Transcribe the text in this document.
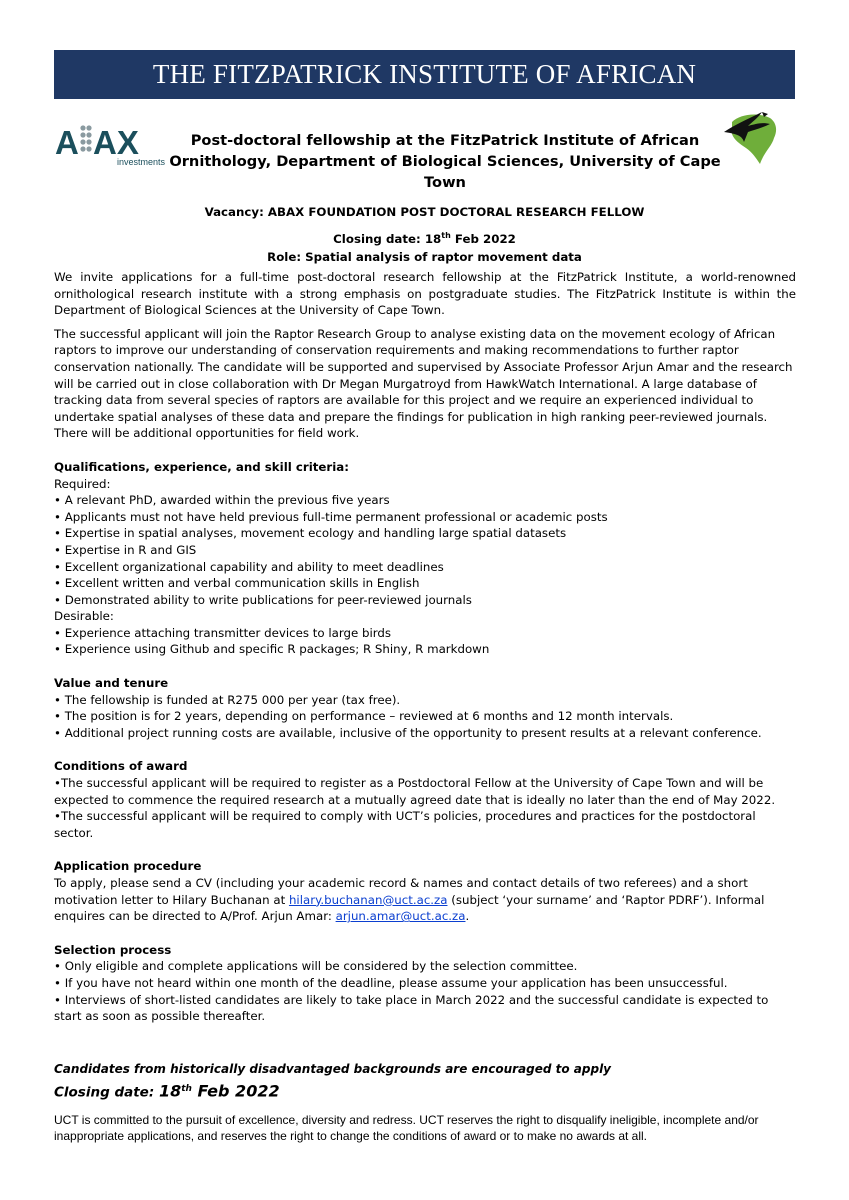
THE FITZPATRICK INSTITUTE OF AFRICAN ORNITHOLOGY
A AX
investments
Post-doctoral fellowship at the FitzPatrick Institute of African
Ornithology, Department of Biological Sciences, University of Cape Town
Vacancy: ABAX FOUNDATION POST DOCTORAL RESEARCH FELLOW
Closing date: 18th Feb 2022
Role: Spatial analysis of raptor movement data

We invite applications for a full-time post-doctoral research fellowship at the FitzPatrick Institute, a world-renowned ornithological research institute with a strong emphasis on postgraduate studies. The FitzPatrick Institute is within the Department of Biological Sciences at the University of Cape Town.

The successful applicant will join the Raptor Research Group to analyse existing data on the movement ecology of African raptors to improve our understanding of conservation requirements and making recommendations to further raptor conservation nationally. The candidate will be supported and supervised by Associate Professor Arjun Amar and the research will be carried out in close collaboration with Dr Megan Murgatroyd from HawkWatch International. A large database of tracking data from several species of raptors are available for this project and we require an experienced individual to undertake spatial analyses of these data and prepare the findings for publication in high ranking peer-reviewed journals. There will be additional opportunities for field work.

Qualifications, experience, and skill criteria:

Required:

• A relevant PhD, awarded within the previous five years

• Applicants must not have held previous full-time permanent professional or academic posts

• Expertise in spatial analyses, movement ecology and handling large spatial datasets

• Expertise in R and GIS

• Excellent organizational capability and ability to meet deadlines

• Excellent written and verbal communication skills in English

• Demonstrated ability to write publications for peer-reviewed journals

Desirable:

• Experience attaching transmitter devices to large birds

• Experience using Github and specific R packages; R Shiny, R markdown

Value and tenure

• The fellowship is funded at R275 000 per year (tax free).

• The position is for 2 years, depending on performance – reviewed at 6 months and 12 month intervals.

• Additional project running costs are available, inclusive of the opportunity to present results at a relevant conference.

Conditions of award

•The successful applicant will be required to register as a Postdoctoral Fellow at the University of Cape Town and will be expected to commence the required research at a mutually agreed date that is ideally no later than the end of May 2022.

•The successful applicant will be required to comply with UCT’s policies, procedures and practices for the postdoctoral sector.

Application procedure

To apply, please send a CV (including your academic record & names and contact details of two referees) and a short motivation letter to Hilary Buchanan at hilary.buchanan@uct.ac.za (subject ‘your surname’ and ‘Raptor PDRF’). Informal enquires can be directed to A/Prof. Arjun Amar: arjun.amar@uct.ac.za.

Selection process

• Only eligible and complete applications will be considered by the selection committee.

• If you have not heard within one month of the deadline, please assume your application has been unsuccessful.

• Interviews of short-listed candidates are likely to take place in March 2022 and the successful candidate is expected to start as soon as possible thereafter.

Candidates from historically disadvantaged backgrounds are encouraged to apply
Closing date: 18th Feb 2022
UCT is committed to the pursuit of excellence, diversity and redress. UCT reserves the right to disqualify ineligible, incomplete and/or inappropriate applications, and reserves the right to change the conditions of award or to make no awards at all.
